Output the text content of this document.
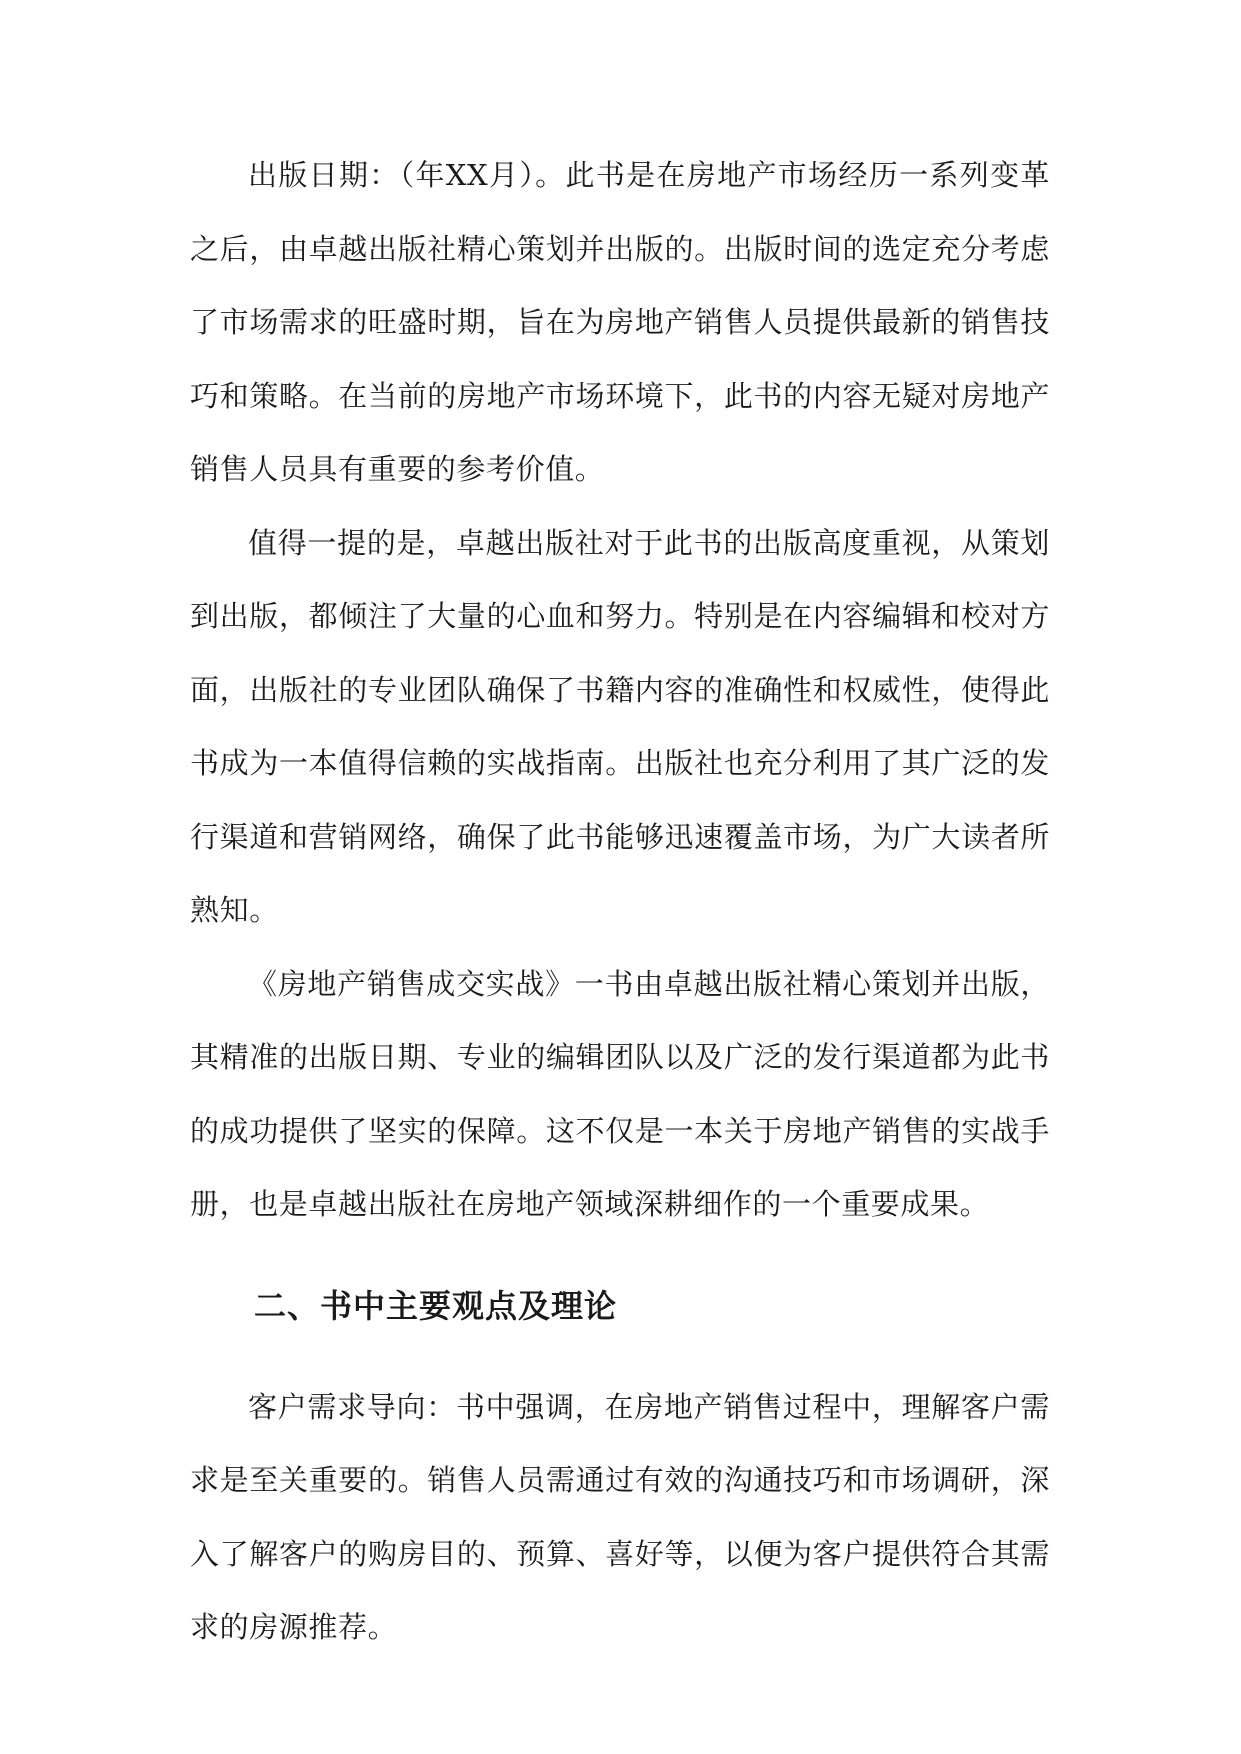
出版日期：（年XX月）。此书是在房地产市场经历一系列变革之后，由卓越出版社精心策划并出版的。出版时间的选定充分考虑了市场需求的旺盛时期，旨在为房地产销售人员提供最新的销售技巧和策略。在当前的房地产市场环境下，此书的内容无疑对房地产销售人员具有重要的参考价值。

值得一提的是，卓越出版社对于此书的出版高度重视，从策划到出版，都倾注了大量的心血和努力。特别是在内容编辑和校对方面，出版社的专业团队确保了书籍内容的准确性和权威性，使得此书成为一本值得信赖的实战指南。出版社也充分利用了其广泛的发行渠道和营销网络，确保了此书能够迅速覆盖市场，为广大读者所熟知。

《房地产销售成交实战》一书由卓越出版社精心策划并出版，其精准的出版日期、专业的编辑团队以及广泛的发行渠道都为此书的成功提供了坚实的保障。这不仅是一本关于房地产销售的实战手册，也是卓越出版社在房地产领域深耕细作的一个重要成果。

二、书中主要观点及理论

客户需求导向：书中强调，在房地产销售过程中，理解客户需求是至关重要的。销售人员需通过有效的沟通技巧和市场调研，深入了解客户的购房目的、预算、喜好等，以便为客户提供符合其需求的房源推荐。
